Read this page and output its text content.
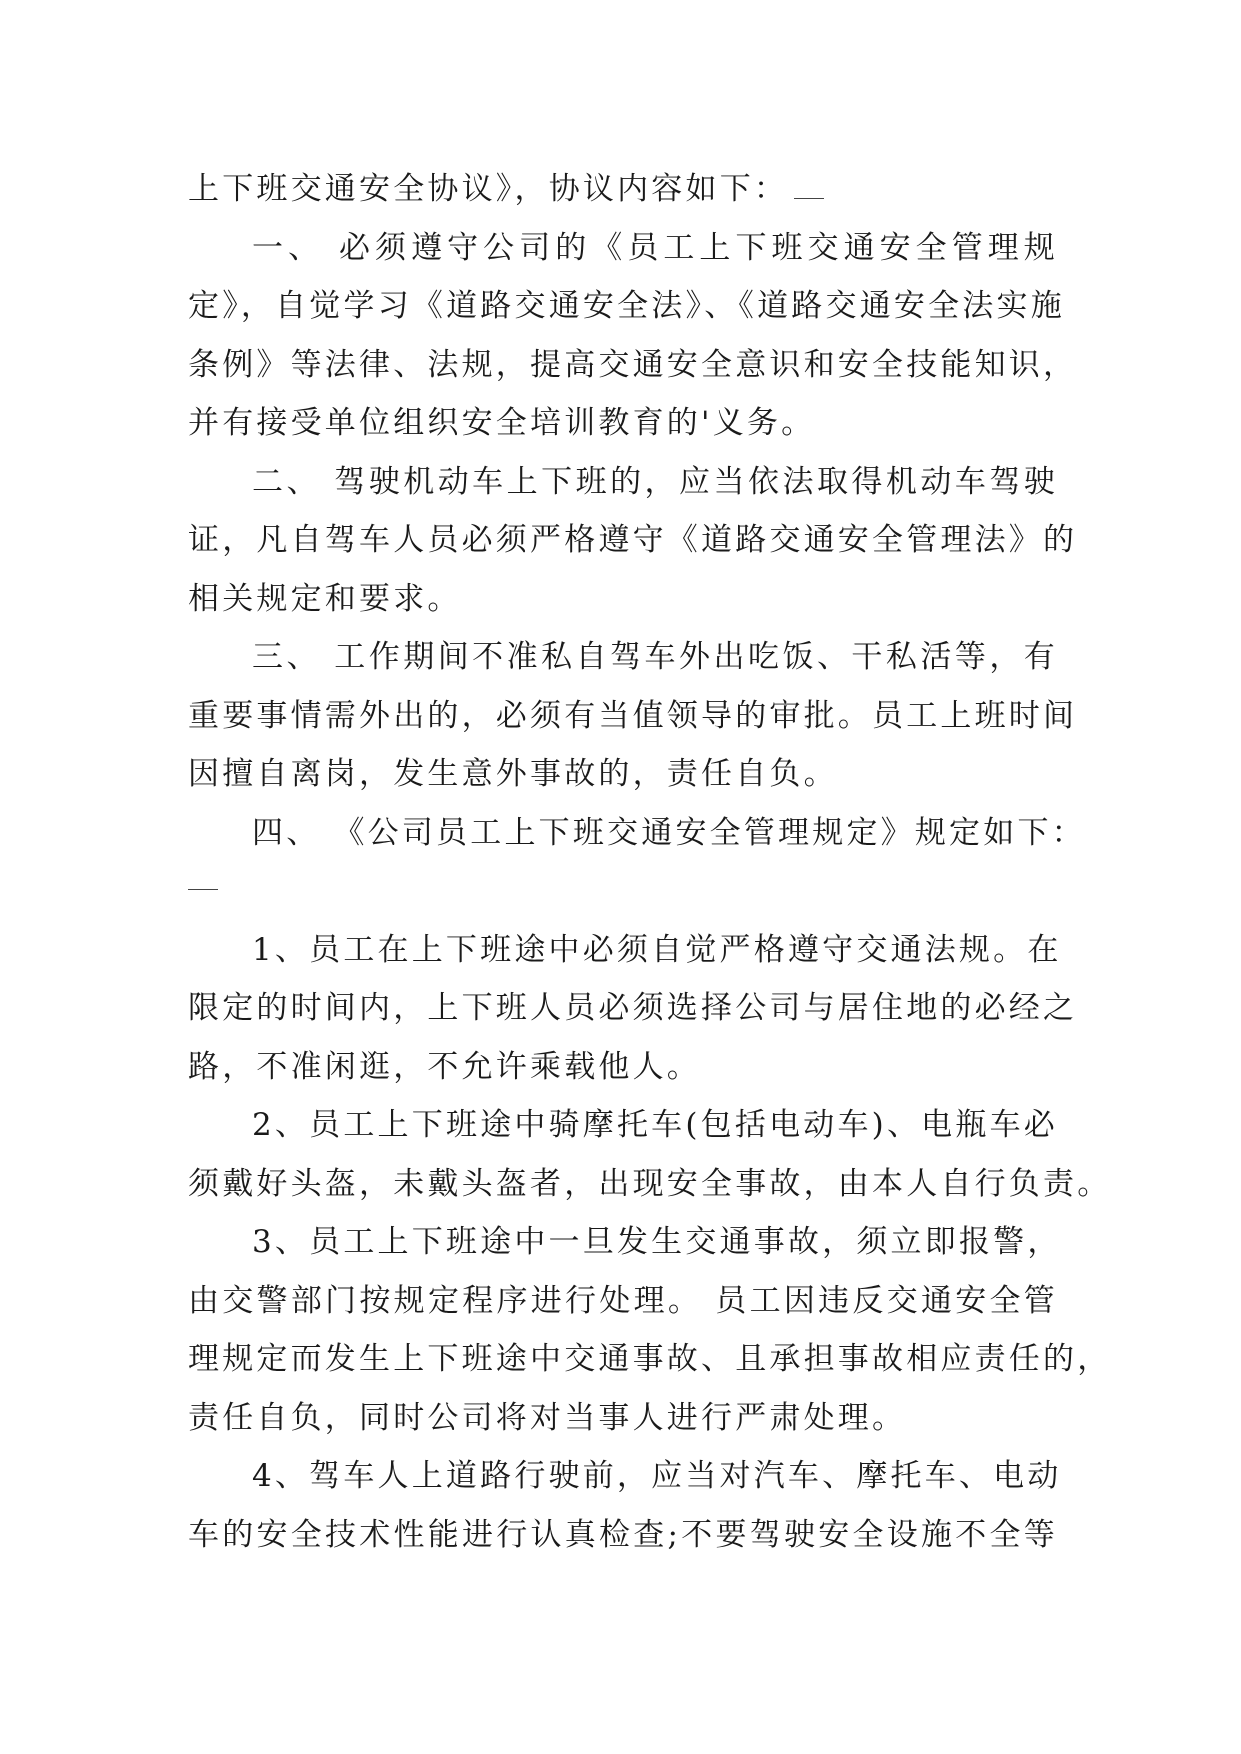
上下班交通安全协议》，协议内容如下：
一、 必须遵守公司的《员工上下班交通安全管理规
定》，自觉学习《道路交通安全法》、《道路交通安全法实施
条例》等法律、法规，提高交通安全意识和安全技能知识，
并有接受单位组织安全培训教育的'义务。
二、 驾驶机动车上下班的，应当依法取得机动车驾驶
证，凡自驾车人员必须严格遵守《道路交通安全管理法》的
相关规定和要求。
三、 工作期间不准私自驾车外出吃饭、干私活等，有
重要事情需外出的，必须有当值领导的审批。员工上班时间
因擅自离岗，发生意外事故的，责任自负。
四、 《公司员工上下班交通安全管理规定》规定如下：
1、员工在上下班途中必须自觉严格遵守交通法规。在
限定的时间内，上下班人员必须选择公司与居住地的必经之
路，不准闲逛，不允许乘载他人。
2、员工上下班途中骑摩托车(包括电动车)、电瓶车必
须戴好头盔，未戴头盔者，出现安全事故，由本人自行负责。
3、员工上下班途中一旦发生交通事故，须立即报警，
由交警部门按规定程序进行处理。 员工因违反交通安全管
理规定而发生上下班途中交通事故、且承担事故相应责任的，
责任自负，同时公司将对当事人进行严肃处理。
4、驾车人上道路行驶前，应当对汽车、摩托车、电动
车的安全技术性能进行认真检查;不要驾驶安全设施不全等
